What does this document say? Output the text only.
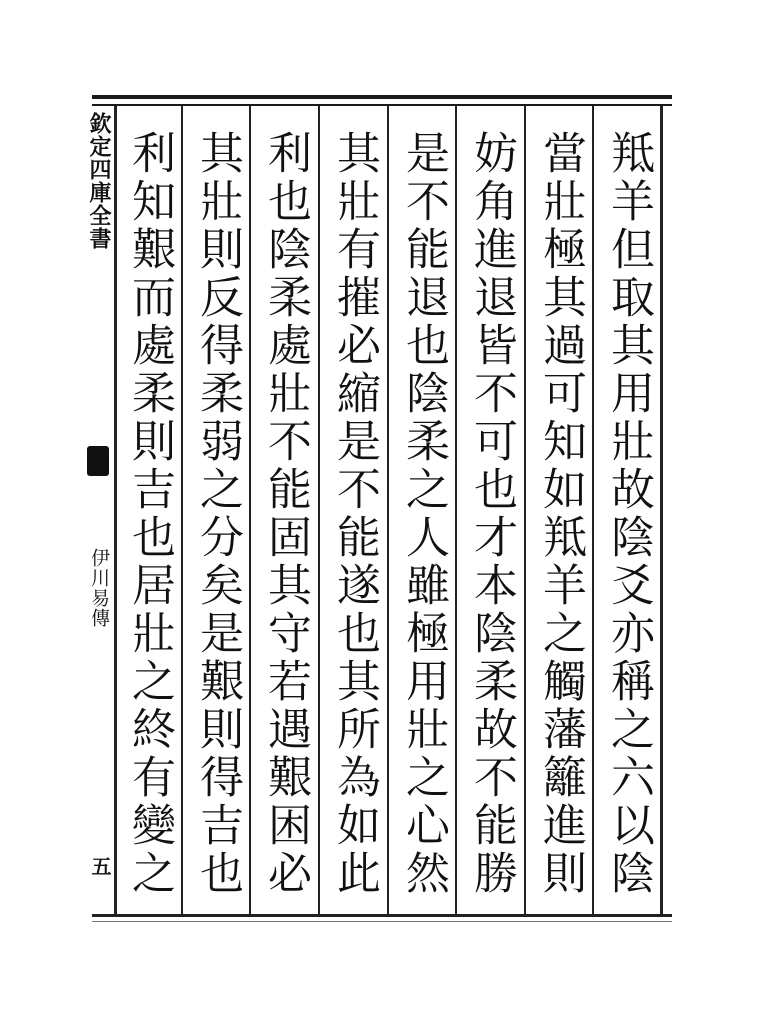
欽定四庫全書
伊川易傳
五
羝羊但取其用壯故陰爻亦稱之六以陰
當壯極其過可知如羝羊之觸藩籬進則
妨角進退皆不可也才本陰柔故不能勝
是不能退也陰柔之人雖極用壯之心然
其壯有摧必縮是不能遂也其所為如此
利也陰柔處壯不能固其守若遇艱困必
其壯則反得柔弱之分矣是艱則得吉也
利知艱而處柔則吉也居壯之終有變之
